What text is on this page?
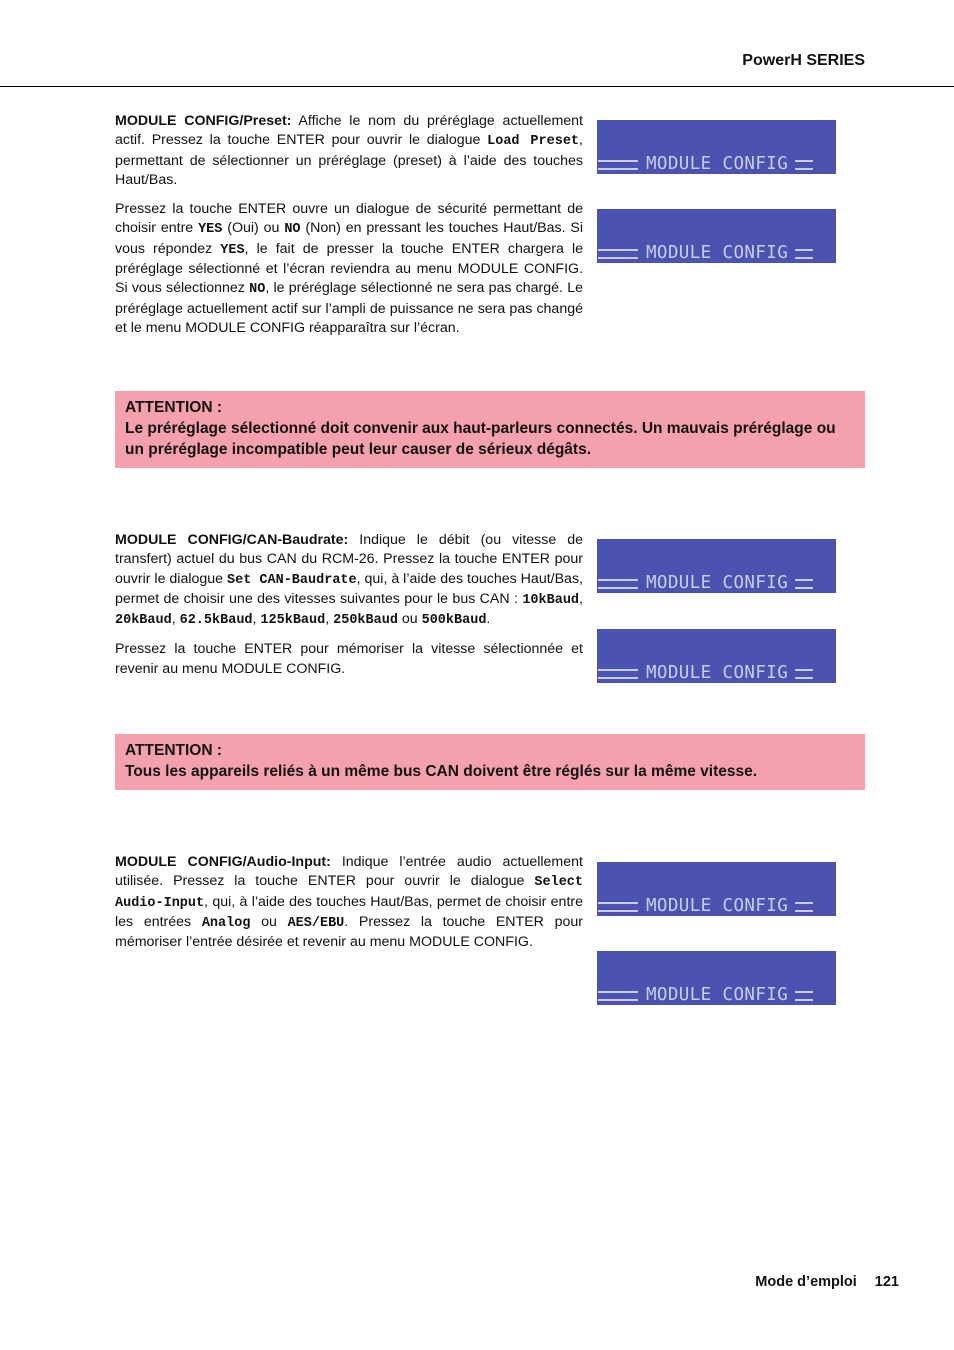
PowerH SERIES

MODULE CONFIG/Preset: Affiche le nom du préréglage actuellement actif. Pressez la touche ENTER pour ouvrir le dialogue Load Preset, permettant de sélectionner un préréglage (preset) à l’aide des touches Haut/Bas.

Pressez la touche ENTER ouvre un dialogue de sécurité permettant de choisir entre YES (Oui) ou NO (Non) en pressant les touches Haut/Bas. Si vous répondez YES, le fait de presser la touche ENTER chargera le préréglage sélectionné et l’écran reviendra au menu MODULE CONFIG. Si vous sélectionnez NO, le préréglage sélectionné ne sera pas chargé. Le préréglage actuellement actif sur l’ampli de puissance ne sera pas changé et le menu MODULE CONFIG réapparaîtra sur l’écran.

MODULE CONFIG

MODULE CONFIG

ATTENTION :
Le préréglage sélectionné doit convenir aux haut-parleurs connectés. Un mauvais préréglage ou un préréglage incompatible peut leur causer de sérieux dégâts.

MODULE CONFIG/CAN-Baudrate: Indique le débit (ou vitesse de transfert) actuel du bus CAN du RCM-26. Pressez la touche ENTER pour ouvrir le dialogue Set CAN-Baudrate, qui, à l’aide des touches Haut/Bas, permet de choisir une des vitesses suivantes pour le bus CAN : 10kBaud, 20kBaud, 62.5kBaud, 125kBaud, 250kBaud ou 500kBaud.

Pressez la touche ENTER pour mémoriser la vitesse sélectionnée et revenir au menu MODULE CONFIG.

MODULE CONFIG

MODULE CONFIG

ATTENTION :
Tous les appareils reliés à un même bus CAN doivent être réglés sur la même vitesse.

MODULE CONFIG/Audio-Input: Indique l’entrée audio actuellement utilisée. Pressez la touche ENTER pour ouvrir le dialogue Select Audio-Input, qui, à l’aide des touches Haut/Bas, permet de choisir entre les entrées Analog ou AES/EBU. Pressez la touche ENTER pour mémoriser l’entrée désirée et revenir au menu MODULE CONFIG.

MODULE CONFIG

MODULE CONFIG

Mode d’emploi 121
